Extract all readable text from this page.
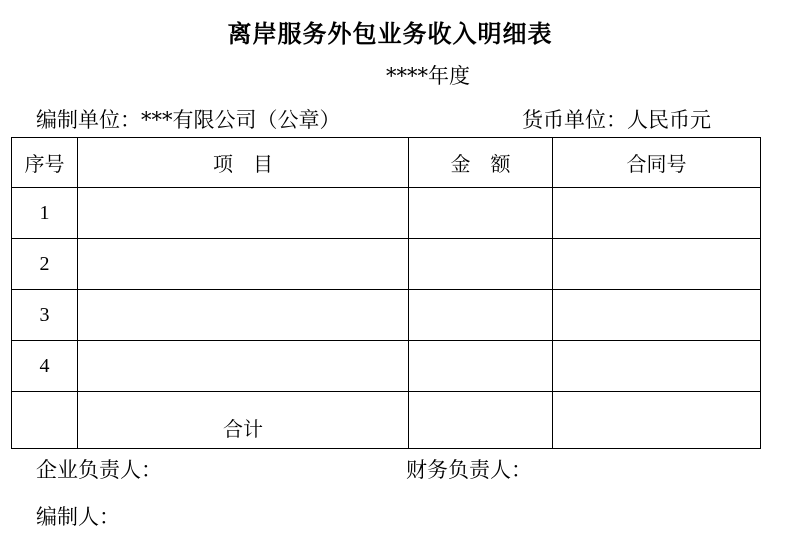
离岸服务外包业务收入明细表
****年度
编制单位：***有限公司（公章）	货币单位：人民币元
序号	项　目	金　额	合同号
1			
2			
3			
4			
	合计		
企业负责人：	财务负责人：
编制人：
